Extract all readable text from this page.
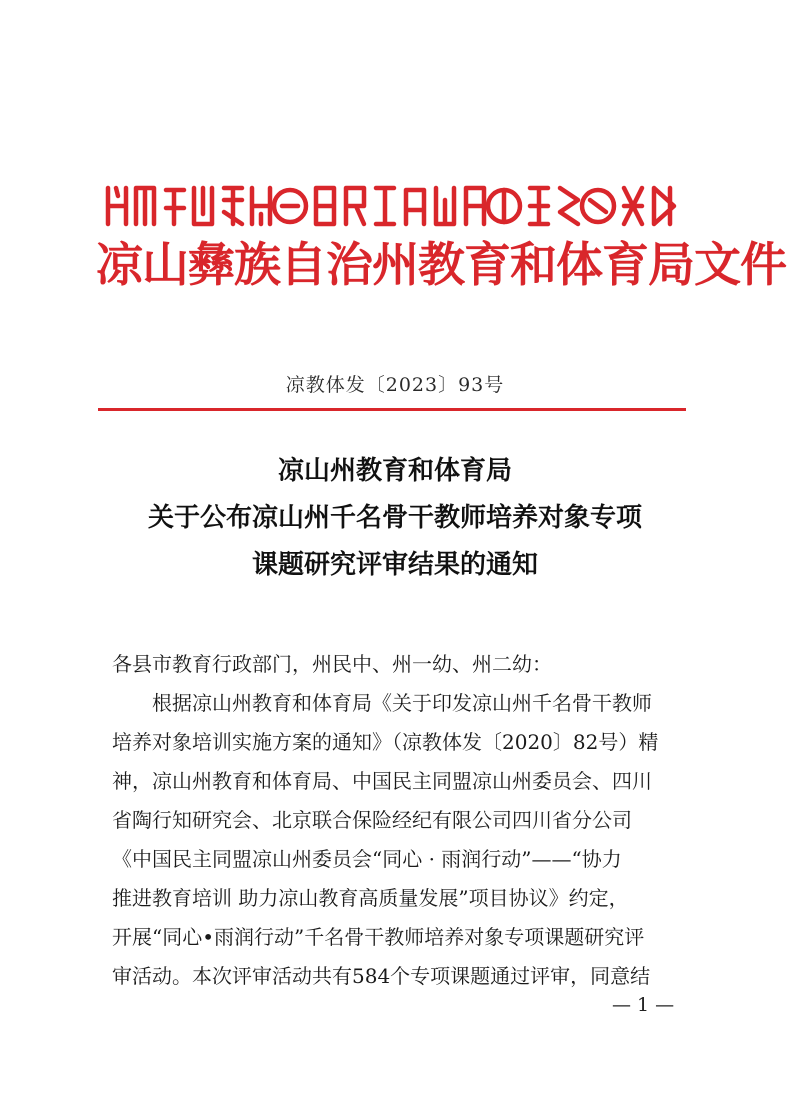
凉山彝族自治州教育和体育局文件
凉教体发〔2023〕93号
凉山州教育和体育局
关于公布凉山州千名骨干教师培养对象专项
课题研究评审结果的通知
各县市教育行政部门，州民中、州一幼、州二幼：
根据凉山州教育和体育局《关于印发凉山州千名骨干教师
培养对象培训实施方案的通知》（凉教体发〔2020〕82号）精
神，凉山州教育和体育局、中国民主同盟凉山州委员会、四川
省陶行知研究会、北京联合保险经纪有限公司四川省分公司
《中国民主同盟凉山州委员会“同心 · 雨润行动”——“协力
推进教育培训 助力凉山教育高质量发展”项目协议》约定，
开展“同心•雨润行动”千名骨干教师培养对象专项课题研究评
审活动。本次评审活动共有584个专项课题通过评审，同意结
— 1 —
